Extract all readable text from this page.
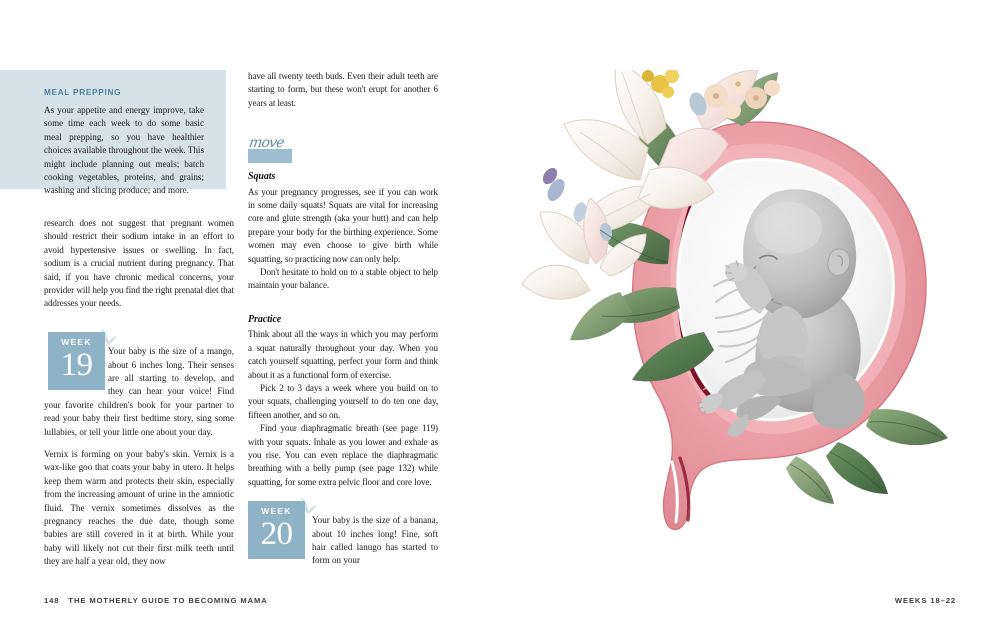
MEAL PREPPING

As your appetite and energy improve, take some time each week to do some basic meal prepping, so you have healthier choices available throughout the week. This might include planning out meals; batch cooking vegetables, proteins, and grains; washing and slicing produce; and more.

research does not suggest that pregnant women should restrict their sodium intake in an effort to avoid hypertensive issues or swelling. In fact, sodium is a crucial nutrient during pregnancy. That said, if you have chronic medical concerns, your provider will help you find the right prenatal diet that addresses your needs.

WEEK
19	Your baby is the size of a mango, about 6 inches long. Their senses are all starting to develop, and they can hear your voice! Find your favorite children's book for your partner to read your baby their first bedtime story, sing some lullabies, or tell your little one about your day.

Vernix is forming on your baby's skin. Vernix is a wax-like goo that coats your baby in utero. It helps keep them warm and protects their skin, especially from the increasing amount of urine in the amniotic fluid. The vernix sometimes dissolves as the pregnancy reaches the due date, though some babies are still covered in it at birth. While your baby will likely not cut their first milk teeth until they are half a year old, they now

have all twenty teeth buds. Even their adult teeth are starting to form, but these won't erupt for another 6 years at least.

move
Squats

As your pregnancy progresses, see if you can work in some daily squats! Squats are vital for increasing core and glute strength (aka your butt) and can help prepare your body for the birthing experience. Some women may even choose to give birth while squatting, so practicing now can only help.

Don't hesitate to hold on to a stable object to help maintain your balance.

Practice

Think about all the ways in which you may perform a squat naturally throughout your day. When you catch yourself squatting, perfect your form and think about it as a functional form of exercise.

Pick 2 to 3 days a week where you build on to your squats, challenging yourself to do ten one day, fifteen another, and so on.

Find your diaphragmatic breath (see page 119) with your squats. Inhale as you lower and exhale as you rise. You can even replace the diaphragmatic breathing with a belly pump (see page 132) while squatting, for some extra pelvic floor and core love.

WEEK
20	Your baby is the size of a banana, about 10 inches long! Fine, soft hair called lanugo has started to form on your

148 THE MOTHERLY GUIDE TO BECOMING MAMA	WEEKS 18–22
